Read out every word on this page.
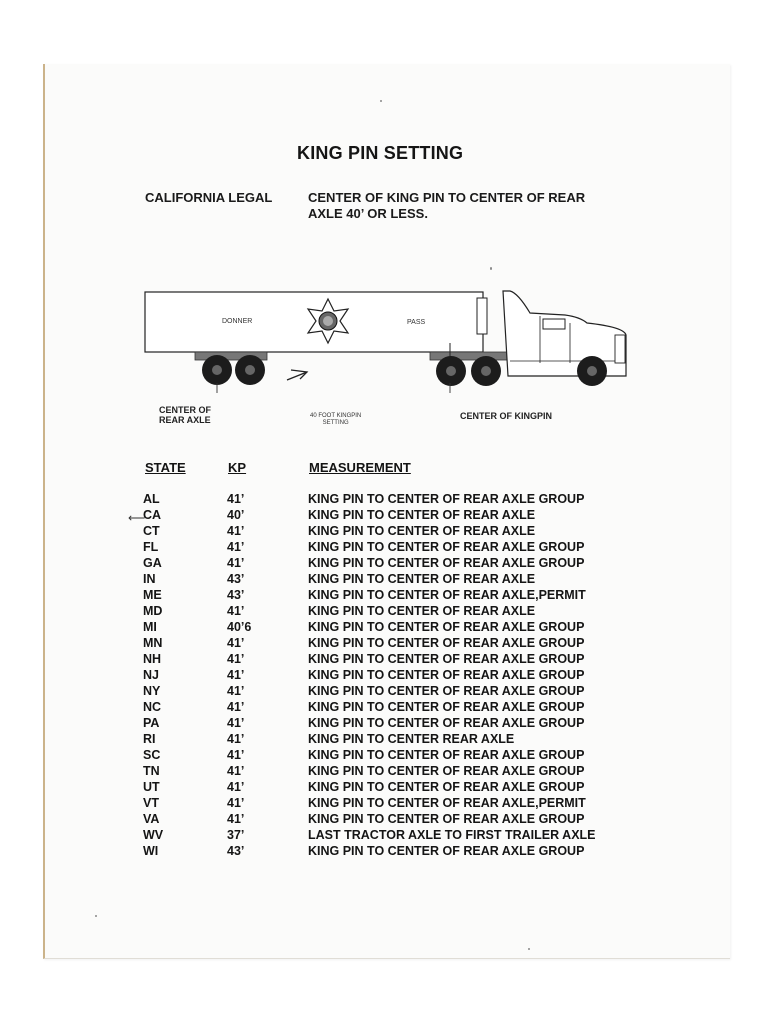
KING PIN SETTING
CALIFORNIA LEGAL	CENTER OF KING PIN TO CENTER OF REAR AXLE 40’ OR LESS.
DONNER	PASS
CENTER OF
REAR AXLE	40 FOOT KINGPIN
SETTING
CENTER OF KINGPIN
STATE	KP	MEASUREMENT
⟵
AL	41’	KING PIN TO CENTER OF REAR AXLE GROUP
CA	40’	KING PIN TO CENTER OF REAR AXLE
CT	41’	KING PIN TO CENTER OF REAR AXLE
FL	41’	KING PIN TO CENTER OF REAR AXLE GROUP
GA	41’	KING PIN TO CENTER OF REAR AXLE GROUP
IN	43’	KING PIN TO CENTER OF REAR AXLE
ME	43’	KING PIN TO CENTER OF REAR AXLE,PERMIT
MD	41’	KING PIN TO CENTER OF REAR AXLE
MI	40’6	KING PIN TO CENTER OF REAR AXLE GROUP
MN	41’	KING PIN TO CENTER OF REAR AXLE GROUP
NH	41’	KING PIN TO CENTER OF REAR AXLE GROUP
NJ	41’	KING PIN TO CENTER OF REAR AXLE GROUP
NY	41’	KING PIN TO CENTER OF REAR AXLE GROUP
NC	41’	KING PIN TO CENTER OF REAR AXLE GROUP
PA	41’	KING PIN TO CENTER OF REAR AXLE GROUP
RI	41’	KING PIN TO CENTER REAR AXLE
SC	41’	KING PIN TO CENTER OF REAR AXLE GROUP
TN	41’	KING PIN TO CENTER OF REAR AXLE GROUP
UT	41’	KING PIN TO CENTER OF REAR AXLE GROUP
VT	41’	KING PIN TO CENTER OF REAR AXLE,PERMIT
VA	41’	KING PIN TO CENTER OF REAR AXLE GROUP
WV	37’	LAST TRACTOR AXLE TO FIRST TRAILER AXLE
WI	43’	KING PIN TO CENTER OF REAR AXLE GROUP
